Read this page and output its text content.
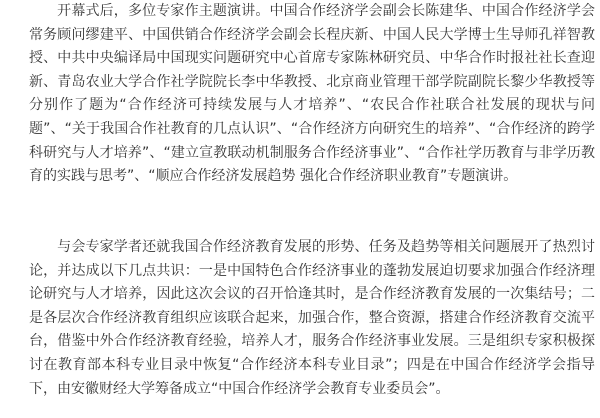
开幕式后，多位专家作主题演讲。中国合作经济学会副会长陈建华、中国合作经济学会常务顾问缪建平、中国供销合作经济学会副会长程庆新、中国人民大学博士生导师孔祥智教授、中共中央编译局中国现实问题研究中心首席专家陈林研究员、中华合作时报社社长查迎新、青岛农业大学合作社学院院长李中华教授、北京商业管理干部学院副院长黎少华教授等分别作了题为“合作经济可持续发展与人才培养”、“农民合作社联合社发展的现状与问题”、“关于我国合作社教育的几点认识”、“合作经济方向研究生的培养”、“合作经济的跨学科研究与人才培养”、“建立宣教联动机制服务合作经济事业”、“合作社学历教育与非学历教育的实践与思考”、“顺应合作经济发展趋势 强化合作经济职业教育”专题演讲。

与会专家学者还就我国合作经济教育发展的形势、任务及趋势等相关问题展开了热烈讨论，并达成以下几点共识：一是中国特色合作经济事业的蓬勃发展迫切要求加强合作经济理论研究与人才培养，因此这次会议的召开恰逢其时，是合作经济教育发展的一次集结号；二是各层次合作经济教育组织应该联合起来，加强合作，整合资源，搭建合作经济教育交流平台，借鉴中外合作经济教育经验，培养人才，服务合作经济事业发展。三是组织专家积极探讨在教育部本科专业目录中恢复“合作经济本科专业目录”；四是在中国合作经济学会指导下，由安徽财经大学筹备成立“中国合作经济学会教育专业委员会”。
